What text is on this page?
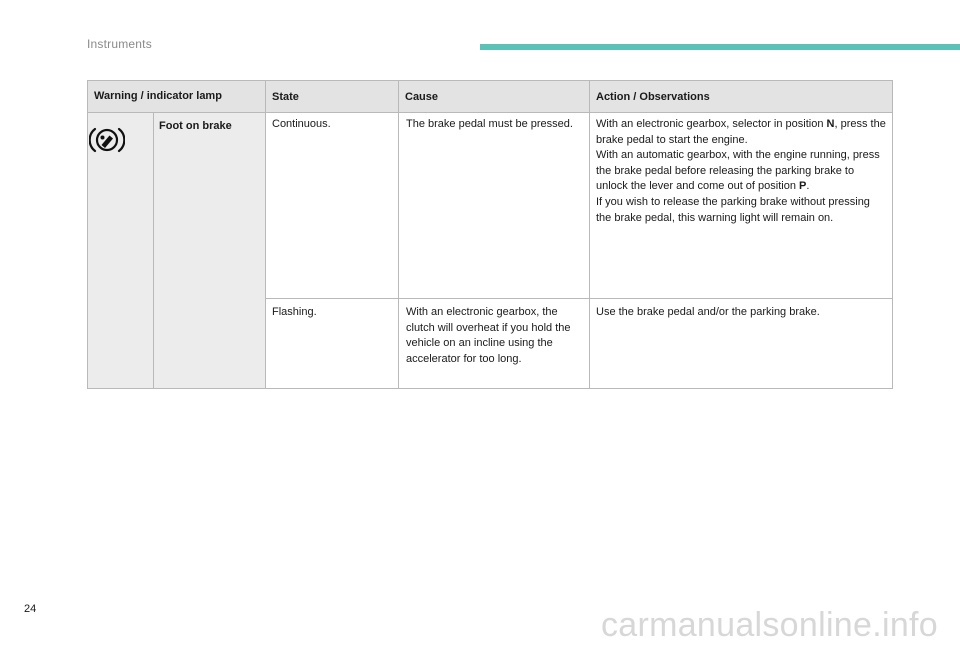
Instruments
Warning / indicator lamp		State	Cause	Action / Observations
	Foot on brake	Continuous.	The brake pedal must be pressed.	With an electronic gearbox, selector in position N, press the brake pedal to start the engine.
With an automatic gearbox, with the engine running, press the brake pedal before releasing the parking brake to unlock the lever and come out of position P.
If you wish to release the parking brake without pressing the brake pedal, this warning light will remain on.
		Flashing.	With an electronic gearbox, the clutch will overheat if you hold the vehicle on an incline using the accelerator for too long.	Use the brake pedal and/or the parking brake.
24	carmanualsonline.info
